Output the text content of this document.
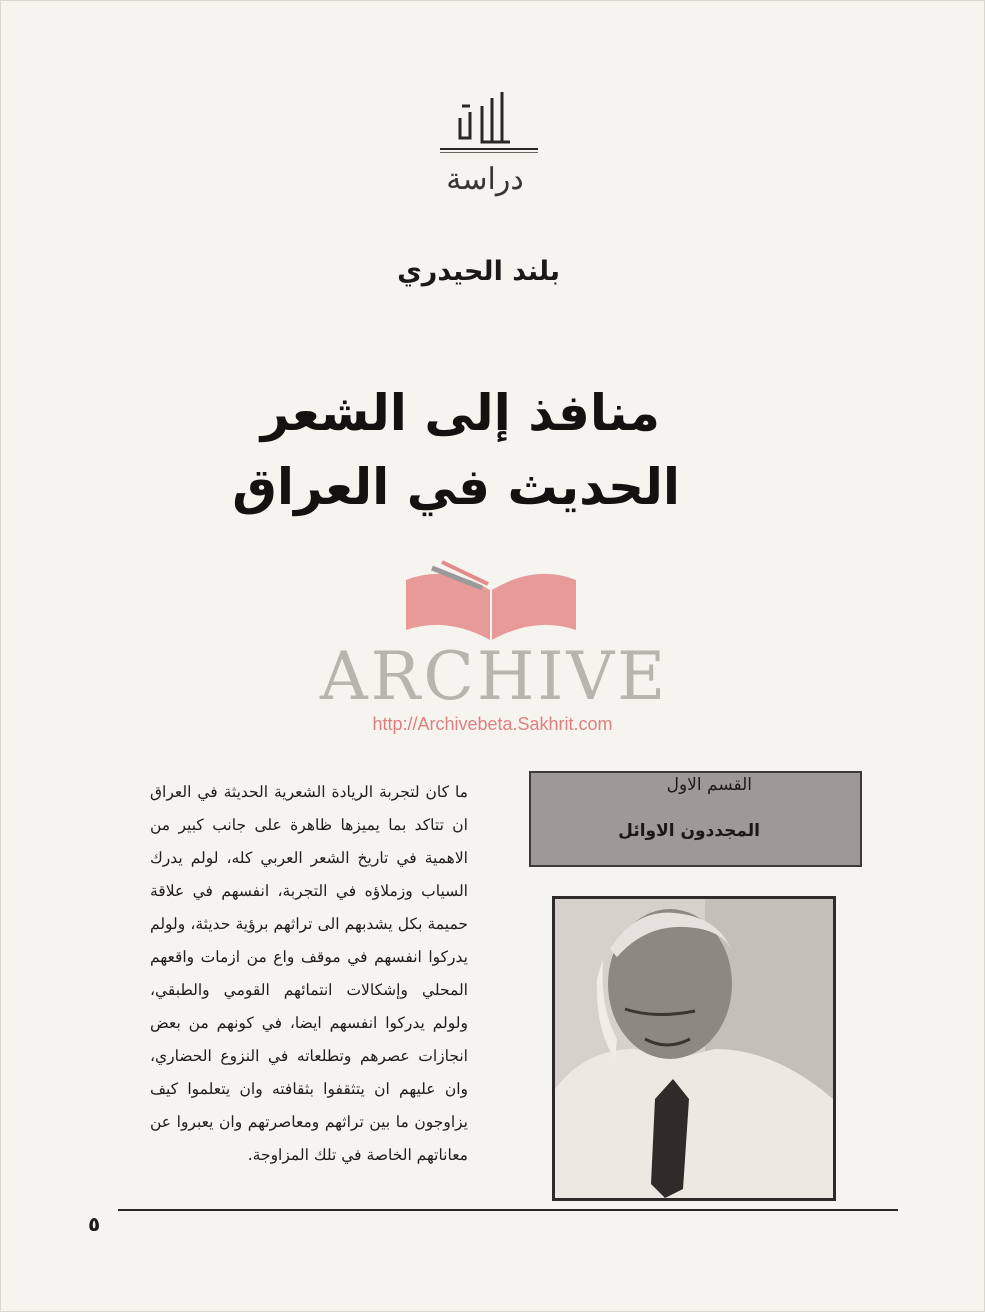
دراسة
بلند الحيدري
منافذ إلى الشعر
الحديث في العراق
ARCHIVE
http://Archivebeta.Sakhrit.com
القسم الاول
المجددون الاوائل

ما كان لتجربة الريادة الشعرية الحديثة في العراق ان تتاكد بما يميزها ظاهرة على جانب كبير من الاهمية في تاريخ الشعر العربي كله، لولم يدرك السياب وزملاؤه في التجربة، انفسهم في علاقة حميمة بكل يشدبهم الى تراثهم برؤية حديثة، ولولم يدركوا انفسهم في موقف واع من ازمات واقعهم المحلي وإشكالات انتمائهم القومي والطبقي، ولولم يدركوا انفسهم ايضا، في كونهم من بعض انجازات عصرهم وتطلعاته في النزوع الحضاري، وان عليهم ان يتثقفوا بثقافته وان يتعلموا كيف يزاوجون ما بين تراثهم ومعاصرتهم وان يعبروا عن معاناتهم الخاصة في تلك المزاوجة.

٥
